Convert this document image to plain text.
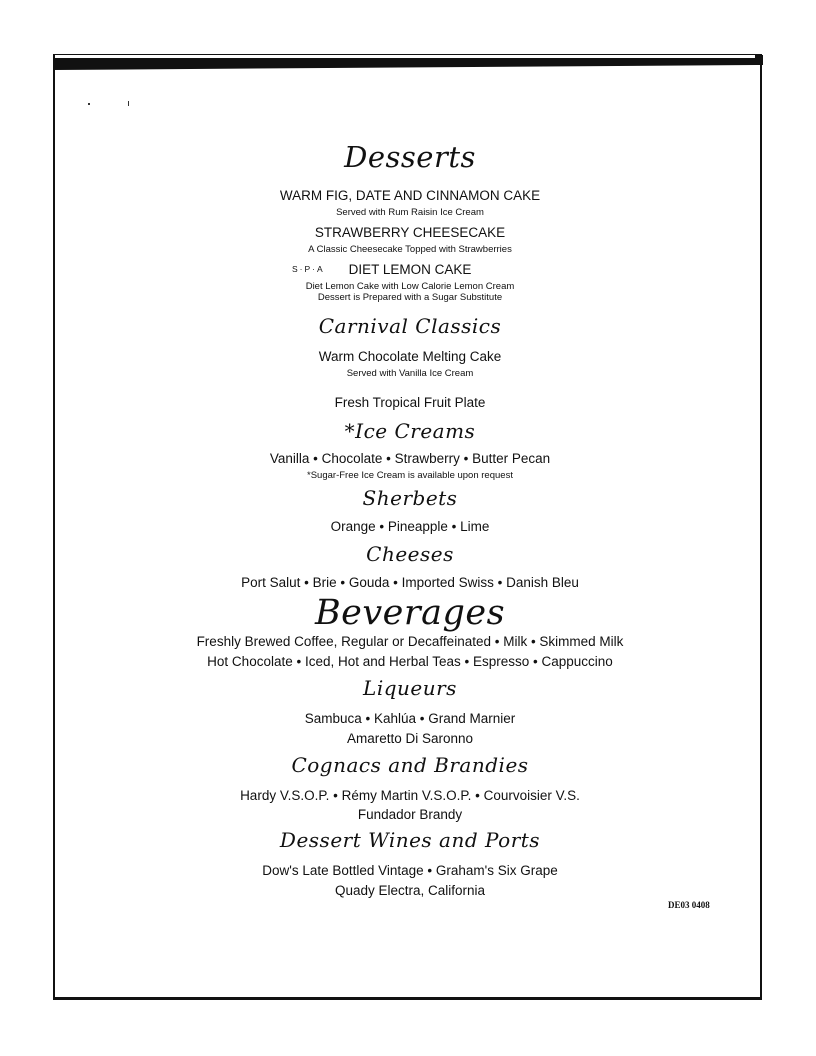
Desserts
WARM FIG, DATE AND CINNAMON CAKE
Served with Rum Raisin Ice Cream
STRAWBERRY CHEESECAKE
A Classic Cheesecake Topped with Strawberries
S·P·A	DIET LEMON CAKE
Diet Lemon Cake with Low Calorie Lemon Cream
Dessert is Prepared with a Sugar Substitute
Carnival Classics
Warm Chocolate Melting Cake
Served with Vanilla Ice Cream
Fresh Tropical Fruit Plate
*Ice Creams
Vanilla • Chocolate • Strawberry • Butter Pecan
*Sugar-Free Ice Cream is available upon request
Sherbets
Orange • Pineapple • Lime
Cheeses
Port Salut • Brie • Gouda • Imported Swiss • Danish Bleu
Beverages
Freshly Brewed Coffee, Regular or Decaffeinated • Milk • Skimmed Milk
Hot Chocolate • Iced, Hot and Herbal Teas • Espresso • Cappuccino
Liqueurs
Sambuca • Kahlúa • Grand Marnier
Amaretto Di Saronno
Cognacs and Brandies
Hardy V.S.O.P. • Rémy Martin V.S.O.P. • Courvoisier V.S.
Fundador Brandy
Dessert Wines and Ports
Dow's Late Bottled Vintage • Graham's Six Grape
Quady Electra, California
DE03 0408
